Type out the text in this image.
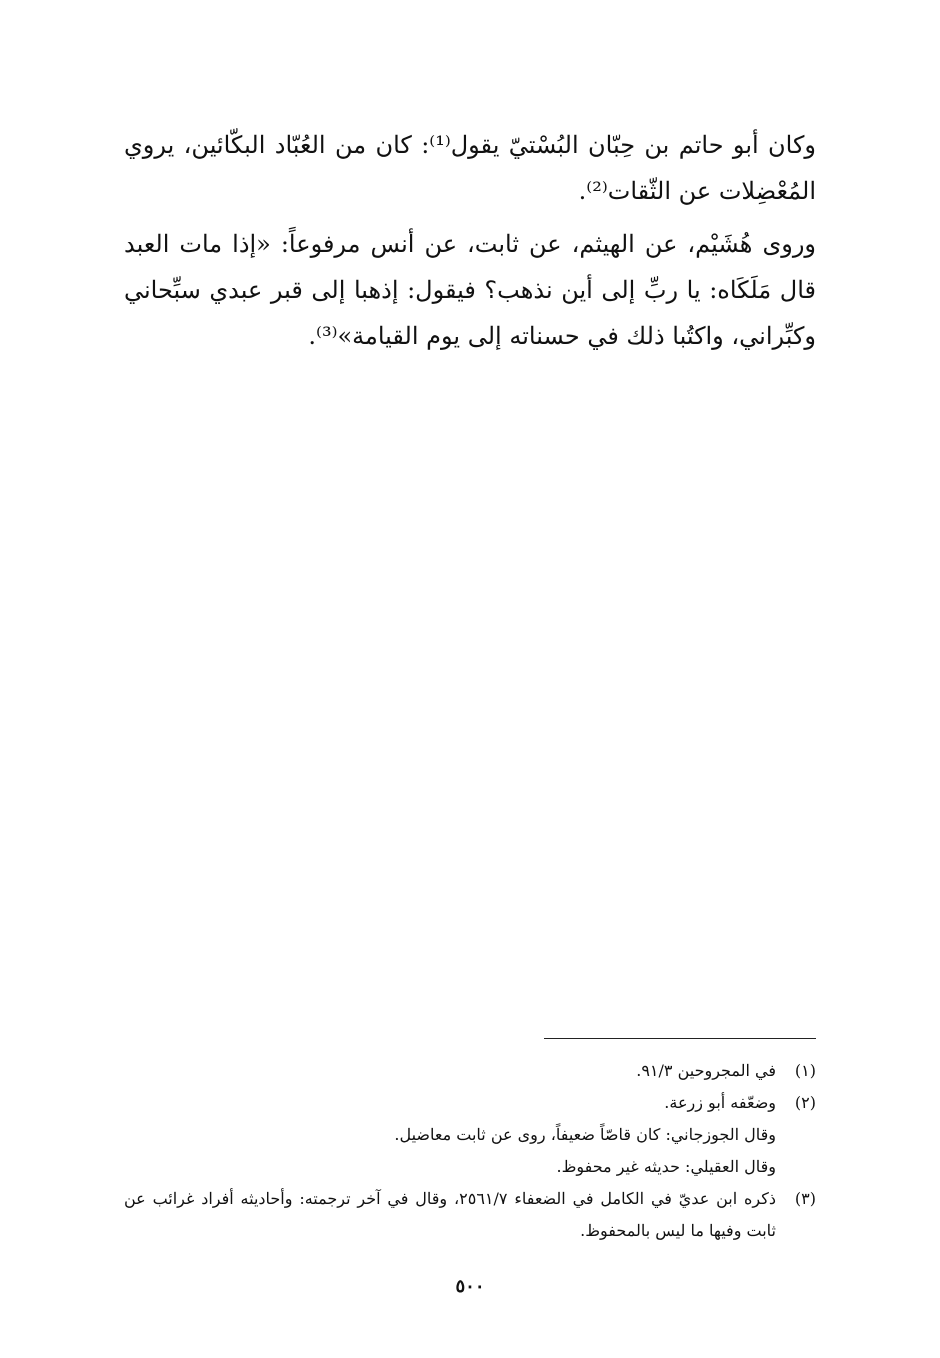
وكان أبو حاتم بن حِبّان البُسْتيّ يقول⁽¹⁾: كان من العُبّاد البكّائين، يروي المُعْضِلات عن الثّقات⁽²⁾.

وروى هُشَيْم، عن الهيثم، عن ثابت، عن أنس مرفوعاً: «إذا مات العبد قال مَلَكَاه: يا ربِّ إلى أين نذهب؟ فيقول: إذهبا إلى قبر عبدي سبِّحاني وكبِّراني، واكتُبا ذلك في حسناته إلى يوم القيامة»⁽³⁾.

(١)
في المجروحين ٩١/٣.
(٢)
وضعّفه أبو زرعة.
وقال الجوزجاني: كان قاصّاً ضعيفاً، روى عن ثابت معاضيل.
وقال العقيلي: حديثه غير محفوظ.
(٣)
ذكره ابن عديّ في الكامل في الضعفاء ٢٥٦١/٧، وقال في آخر ترجمته: وأحاديثه أفراد غرائب عن ثابت وفيها ما ليس بالمحفوظ.
٥٠٠
